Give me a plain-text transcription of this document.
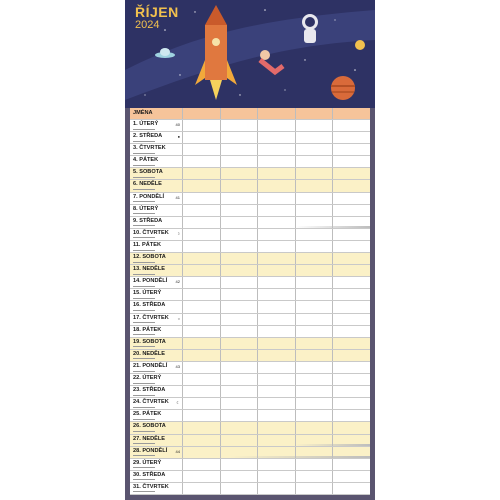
ŘÍJEN
2024
JMÉNA
1. ÚTERÝ	40
2. STŘEDA	●
3. ČTVRTEK
4. PÁTEK
5. SOBOTA
6. NEDĚLE
7. PONDĚLÍ	41
8. ÚTERÝ
9. STŘEDA
10. ČTVRTEK ☽
11. PÁTEK
12. SOBOTA
13. NEDĚLE
14. PONDĚLÍ 42
15. ÚTERÝ
16. STŘEDA
17. ČTVRTEK ○
18. PÁTEK
19. SOBOTA
20. NEDĚLE
21. PONDĚLÍ 43
22. ÚTERÝ
23. STŘEDA
24. ČTVRTEK ☾
25. PÁTEK
26. SOBOTA
27. NEDĚLE
28. PONDĚLÍ 44
29. ÚTERÝ
30. STŘEDA
31. ČTVRTEK
